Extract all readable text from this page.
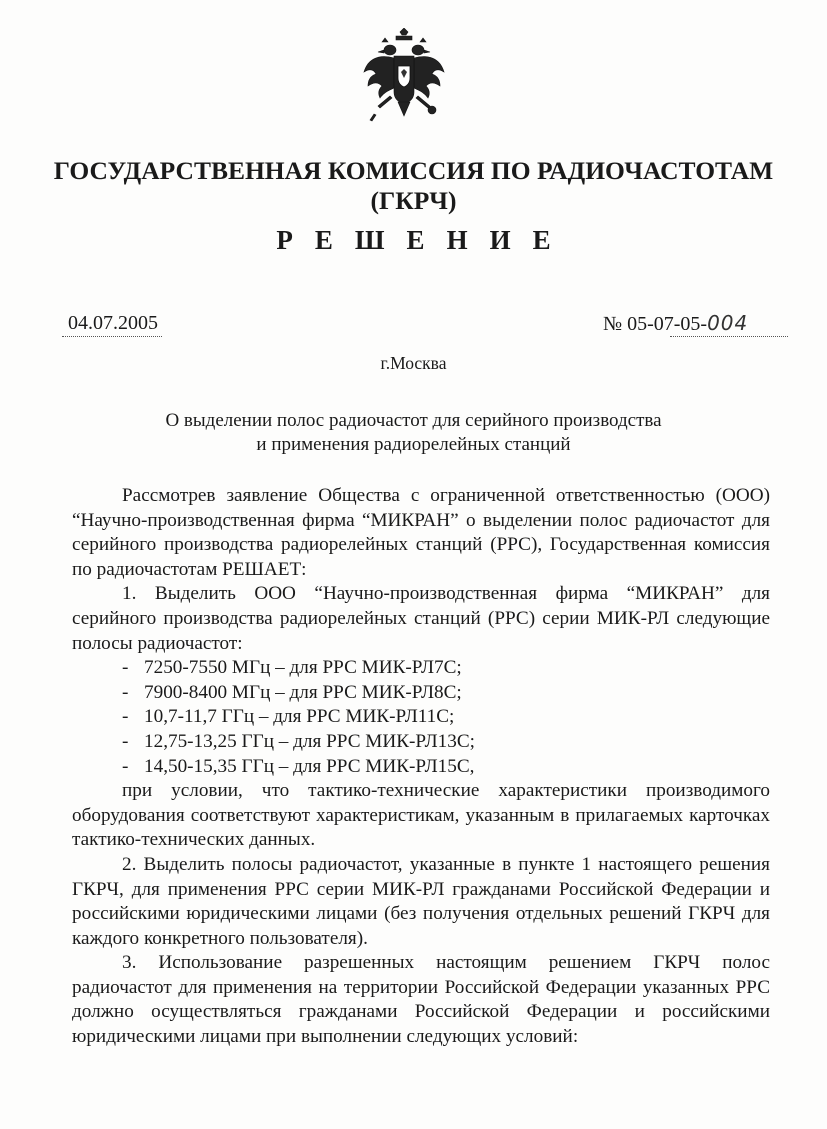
ГОСУДАРСТВЕННАЯ КОМИССИЯ ПО РАДИОЧАСТОТАМ
(ГКРЧ)
РЕШЕНИЕ
04.07.2005	№ 05-07-05-004
г.Москва
О выделении полос радиочастот для серийного производства
и применения радиорелейных станций

Рассмотрев заявление Общества с ограниченной ответственностью (ООО) “Научно-производственная фирма “МИКРАН” о выделении полос радиочастот для серийного производства радиорелейных станций (РРС), Государственная комиссия по радиочастотам РЕШАЕТ:

1. Выделить ООО “Научно-производственная фирма “МИКРАН” для серийного производства радиорелейных станций (РРС) серии МИК-РЛ следующие полосы радиочастот:

- 7250-7550 МГц – для РРС МИК-РЛ7С;
- 7900-8400 МГц – для РРС МИК-РЛ8С;
- 10,7-11,7 ГГц – для РРС МИК-РЛ11С;
- 12,75-13,25 ГГц – для РРС МИК-РЛ13С;
- 14,50-15,35 ГГц – для РРС МИК-РЛ15С,

при условии, что тактико-технические характеристики производимого оборудования соответствуют характеристикам, указанным в прилагаемых карточках тактико-технических данных.

2. Выделить полосы радиочастот, указанные в пункте 1 настоящего решения ГКРЧ, для применения РРС серии МИК-РЛ гражданами Российской Федерации и российскими юридическими лицами (без получения отдельных решений ГКРЧ для каждого конкретного пользователя).

3. Использование разрешенных настоящим решением ГКРЧ полос радиочастот для применения на территории Российской Федерации указанных РРС должно осуществляться гражданами Российской Федерации и российскими юридическими лицами при выполнении следующих условий:
